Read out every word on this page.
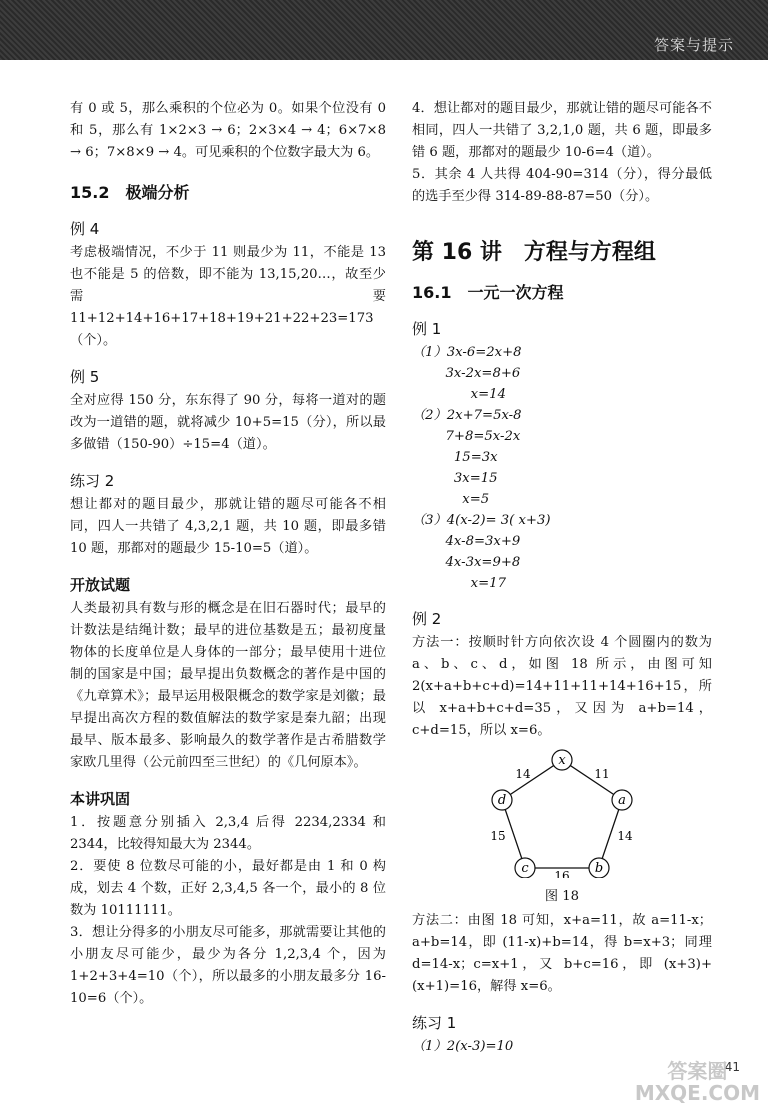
答案与提示

有 0 或 5，那么乘积的个位必为 0。如果个位没有 0 和 5，那么有 1×2×3 → 6；2×3×4 → 4；6×7×8 → 6；7×8×9 → 4。可见乘积的个位数字最大为 6。

15.2　极端分析
例 4

考虑极端情况，不少于 11 则最少为 11，不能是 13 也不能是 5 的倍数，即不能为 13,15,20…，故至少需要 11+12+14+16+17+18+19+21+22+23=173（个）。

例 5

全对应得 150 分，东东得了 90 分，每将一道对的题改为一道错的题，就将减少 10+5=15（分），所以最多做错（150-90）÷15=4（道）。

练习 2

想让都对的题目最少，那就让错的题尽可能各不相同，四人一共错了 4,3,2,1 题，共 10 题，即最多错 10 题，那都对的题最少 15-10=5（道）。

开放试题

人类最初具有数与形的概念是在旧石器时代；最早的计数法是结绳计数；最早的进位基数是五；最初度量物体的长度单位是人身体的一部分；最早使用十进位制的国家是中国；最早提出负数概念的著作是中国的《九章算术》；最早运用极限概念的数学家是刘徽；最早提出高次方程的数值解法的数学家是秦九韶；出现最早、版本最多、影响最久的数学著作是古希腊数学家欧几里得（公元前四至三世纪）的《几何原本》。

本讲巩固

1．按题意分别插入 2,3,4 后得 2234,2334 和 2344，比较得知最大为 2344。

2．要使 8 位数尽可能的小，最好都是由 1 和 0 构成，划去 4 个数，正好 2,3,4,5 各一个，最小的 8 位数为 10111111。

3．想让分得多的小朋友尽可能多，那就需要让其他的小朋友尽可能少，最少为各分 1,2,3,4 个，因为 1+2+3+4=10（个），所以最多的小朋友最多分 16-10=6（个）。

4．想让都对的题目最少，那就让错的题尽可能各不相同，四人一共错了 3,2,1,0 题，共 6 题，即最多错 6 题，那都对的题最少 10-6=4（道）。

5．其余 4 人共得 404-90=314（分），得分最低的选手至少得 314-89-88-87=50（分）。

第 16 讲　方程与方程组
16.1　一元一次方程
例 1
（1）3x-6=2x+8
3x-2x=8+6
x=14
（2）2x+7=5x-8
7+8=5x-2x
15=3x
3x=15
x=5
（3）4(x-2)= 3( x+3)
4x-8=3x+9
4x-3x=9+8
x=17
例 2

方法一：按顺时针方向依次设 4 个圆圈内的数为 a、b、c、d，如图 18 所示，由图可知 2(x+a+b+c+d)=14+11+11+14+16+15，所以 x+a+b+c+d=35，又因为 a+b=14，c+d=15，所以 x=6。

x
a
b
c
d
14	11
14
16
15
图 18

方法二：由图 18 可知，x+a=11，故 a=11-x；a+b=14，即 (11-x)+b=14，得 b=x+3；同理 d=14-x；c=x+1，又 b+c=16，即 (x+3)+(x+1)=16，解得 x=6。

练习 1
（1）2(x-3)=10
41
答案圈
MXQE.COM
